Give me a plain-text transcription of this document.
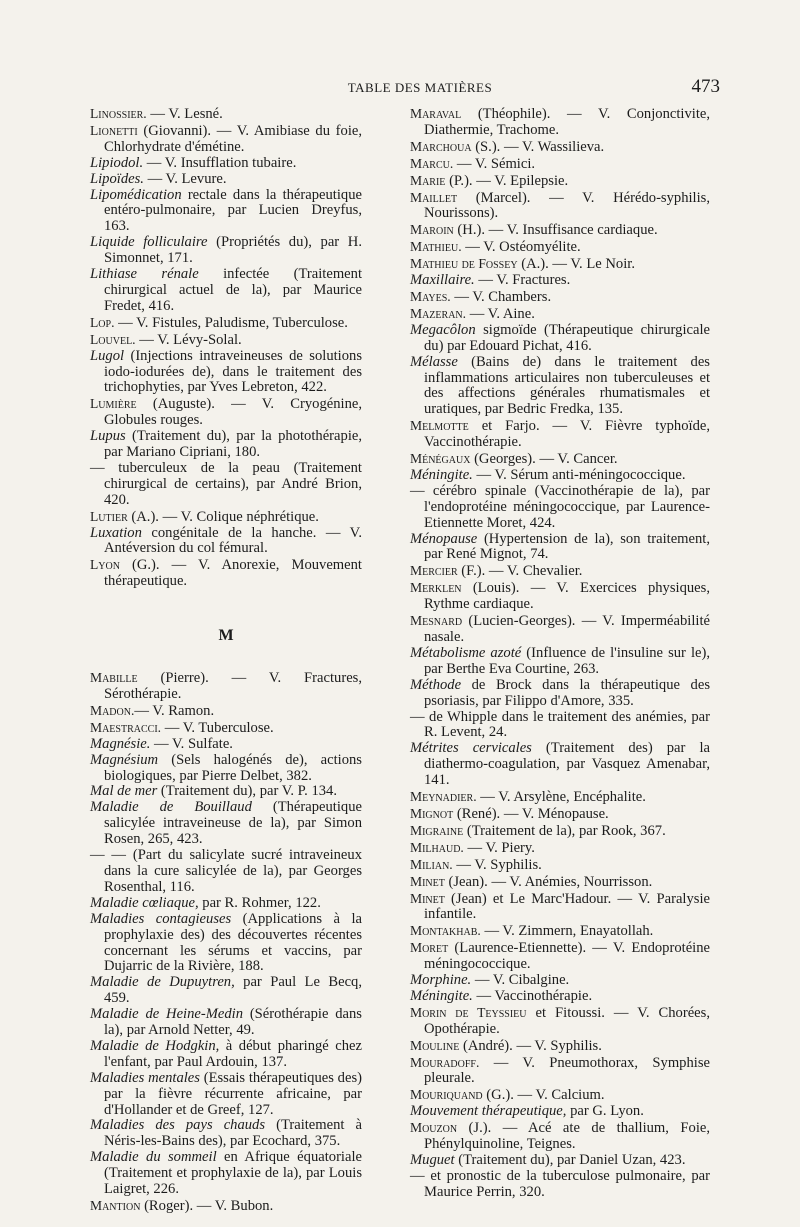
TABLE DES MATIÈRES	473
Linossier. — V. Lesné.
Lionetti (Giovanni). — V. Amibiase du foie, Chlorhydrate d'émétine.
Lipiodol. — V. Insufflation tubaire.
Lipoïdes. — V. Levure.
Lipomédication rectale dans la thérapeutique entéro-pulmonaire, par Lucien Dreyfus, 163.
Liquide folliculaire (Propriétés du), par H. Simonnet, 171.
Lithiase rénale infectée (Traitement chirurgical actuel de la), par Maurice Fredet, 416.
Lop. — V. Fistules, Paludisme, Tuberculose.
Louvel. — V. Lévy-Solal.
Lugol (Injections intraveineuses de solutions iodo-iodurées de), dans le traitement des trichophyties, par Yves Lebreton, 422.
Lumière (Auguste). — V. Cryogénine, Globules rouges.
Lupus (Traitement du), par la photothérapie, par Mariano Cipriani, 180.
— tuberculeux de la peau (Traitement chirurgical de certains), par André Brion, 420.
Lutier (A.). — V. Colique néphrétique.
Luxation congénitale de la hanche. — V. Antéversion du col fémural.
Lyon (G.). — V. Anorexie, Mouvement thérapeutique.
M
Mabille (Pierre). — V. Fractures, Sérothérapie.
Madon.— V. Ramon.
Maestracci. — V. Tuberculose.
Magnésie. — V. Sulfate.
Magnésium (Sels halogénés de), actions biologiques, par Pierre Delbet, 382.
Mal de mer (Traitement du), par V. P. 134.
Maladie de Bouillaud (Thérapeutique salicylée intraveineuse de la), par Simon Rosen, 265, 423.
— — (Part du salicylate sucré intraveineux dans la cure salicylée de la), par Georges Rosenthal, 116.
Maladie cœliaque, par R. Rohmer, 122.
Maladies contagieuses (Applications à la prophylaxie des) des découvertes récentes concernant les sérums et vaccins, par Dujarric de la Rivière, 188.
Maladie de Dupuytren, par Paul Le Becq, 459.
Maladie de Heine-Medin (Sérothérapie dans la), par Arnold Netter, 49.
Maladie de Hodgkin, à début pharingé chez l'enfant, par Paul Ardouin, 137.
Maladies mentales (Essais thérapeutiques des) par la fièvre récurrente africaine, par d'Hollander et de Greef, 127.
Maladies des pays chauds (Traitement à Néris-les-Bains des), par Ecochard, 375.
Maladie du sommeil en Afrique équatoriale (Traitement et prophylaxie de la), par Louis Laigret, 226.
Mantion (Roger). — V. Bubon.
Maraval (Théophile). — V. Conjonctivite, Diathermie, Trachome.
Marchoua (S.). — V. Wassilieva.
Marcu. — V. Sémici.
Marie (P.). — V. Epilepsie.
Maillet (Marcel). — V. Hérédo-syphilis, Nourissons).
Maroin (H.). — V. Insuffisance cardiaque.
Mathieu. — V. Ostéomyélite.
Mathieu de Fossey (A.). — V. Le Noir.
Maxillaire. — V. Fractures.
Mayes. — V. Chambers.
Mazeran. — V. Aine.
Megacôlon sigmoïde (Thérapeutique chirurgicale du) par Edouard Pichat, 416.
Mélasse (Bains de) dans le traitement des inflammations articulaires non tuberculeuses et des affections générales rhumatismales et uratiques, par Bedric Fredka, 135.
Melmotte et Farjo. — V. Fièvre typhoïde, Vaccinothérapie.
Ménégaux (Georges). — V. Cancer.
Méningite. — V. Sérum anti-méningococcique.
— cérébro spinale (Vaccinothérapie de la), par l'endoprotéine méningococcique, par Laurence-Etiennette Moret, 424.
Ménopause (Hypertension de la), son traitement, par René Mignot, 74.
Mercier (F.). — V. Chevalier.
Merklen (Louis). — V. Exercices physiques, Rythme cardiaque.
Mesnard (Lucien-Georges). — V. Imperméabilité nasale.
Métabolisme azoté (Influence de l'insuline sur le), par Berthe Eva Courtine, 263.
Méthode de Brock dans la thérapeutique des psoriasis, par Filippo d'Amore, 335.
— de Whipple dans le traitement des anémies, par R. Levent, 24.
Métrites cervicales (Traitement des) par la diathermo-coagulation, par Vasquez Amenabar, 141.
Meynadier. — V. Arsylène, Encéphalite.
Mignot (René). — V. Ménopause.
Migraine (Traitement de la), par Rook, 367.
Milhaud. — V. Piery.
Milian. — V. Syphilis.
Minet (Jean). — V. Anémies, Nourrisson.
Minet (Jean) et Le Marc'Hadour. — V. Paralysie infantile.
Montakhab. — V. Zimmern, Enayatollah.
Moret (Laurence-Etiennette). — V. Endoprotéine méningococcique.
Morphine. — V. Cibalgine.
Méningite. — Vaccinothérapie.
Morin de Teyssieu et Fitoussi. — V. Chorées, Opothérapie.
Mouline (André). — V. Syphilis.
Mouradoff. — V. Pneumothorax, Symphise pleurale.
Mouriquand (G.). — V. Calcium.
Mouvement thérapeutique, par G. Lyon.
Mouzon (J.). — Acé ate de thallium, Foie, Phénylquinoline, Teignes.
Muguet (Traitement du), par Daniel Uzan, 423.
— et pronostic de la tuberculose pulmonaire, par Maurice Perrin, 320.
